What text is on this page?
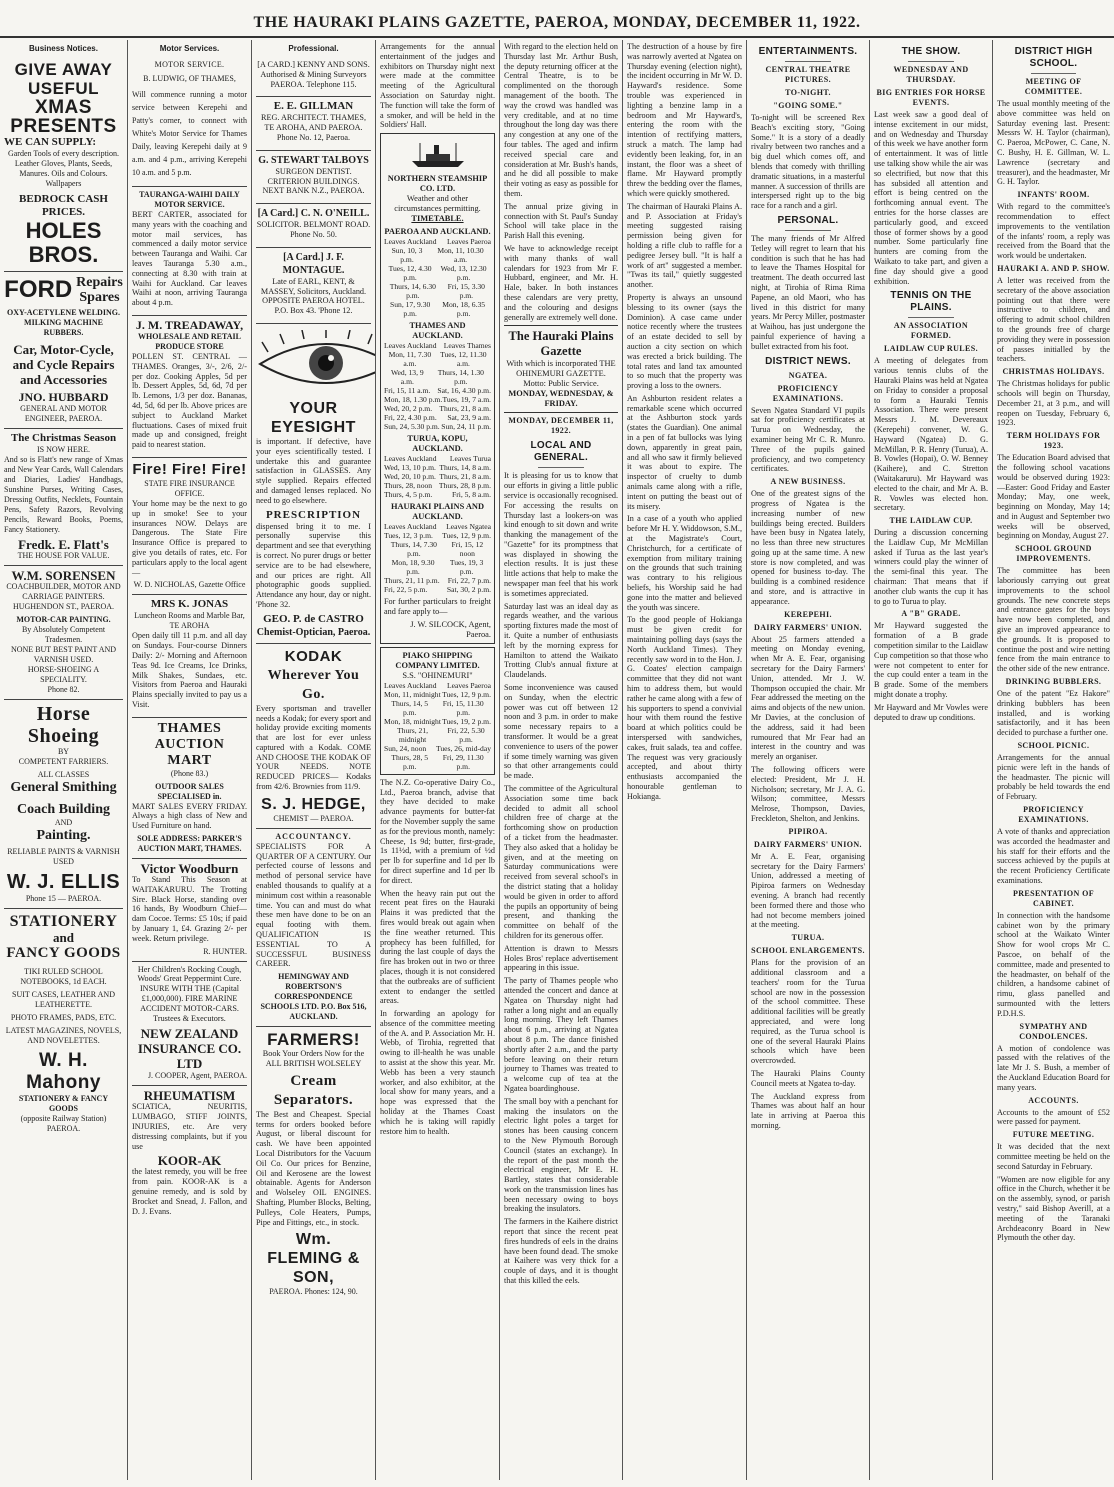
THE HAURAKI PLAINS GAZETTE, PAEROA, MONDAY, DECEMBER 11, 1922.
Business Notices.
GIVE AWAY
USEFUL
XMAS PRESENTS
WE CAN SUPPLY:
Garden Tools of every description. Leather Gloves, Plants, Seeds, Manures. Oils and Colours. Wallpapers
BEDROCK CASH PRICES.
HOLES BROS.
FORD Repairs
Spares
OXY-ACETYLENE WELDING. MILKING MACHINE RUBBERS.
Car, Motor-Cycle, and Cycle Repairs and Accessories
JNO. HUBBARD
GENERAL AND MOTOR ENGINEER, PAEROA.
The Christmas Season
IS NOW HERE.
And so is Flatt's new range of Xmas and New Year Cards, Wall Calendars and Diaries, Ladies' Handbags, Sunshine Purses, Writing Cases, Dressing Outfits, Necklets, Fountain Pens, Safety Razors, Revolving Pencils, Reward Books, Poems, Fancy Stationery.
Fredk. E. Flatt's
THE HOUSE FOR VALUE.
W.M. SORENSEN
COACHBUILDER, MOTOR AND CARRIAGE PAINTERS. HUGHENDON ST., PAEROA.
MOTOR-CAR PAINTING.
By Absolutely Competent Tradesmen.
NONE BUT BEST PAINT AND VARNISH USED.
HORSE-SHOEING A SPECIALITY.
Phone 82.
Horse Shoeing
BY
COMPETENT FARRIERS.
ALL CLASSES
General Smithing
Coach Building
AND
Painting.
RELIABLE PAINTS & VARNISH USED
W. J. ELLIS
Phone 15 — PAEROA.
STATIONERY
and
FANCY GOODS
TIKI RULED SCHOOL NOTEBOOKS, 1d EACH.
SUIT CASES, LEATHER AND LEATHERETTE.
PHOTO FRAMES, PADS, ETC.
LATEST MAGAZINES, NOVELS, AND NOVELETTES.
W. H. Mahony
STATIONERY & FANCY GOODS
(opposite Railway Station) PAEROA.
Motor Services.
MOTOR SERVICE.
B. LUDWIG, OF THAMES,
Will commence running a motor service between Kerepehi and Patty's corner, to connect with White's Motor Service for Thames Daily, leaving Kerepehi daily at 9 a.m. and 4 p.m., arriving Kerepehi 10 a.m. and 5 p.m.
TAURANGA-WAIHI DAILY MOTOR SERVICE.
BERT CARTER, associated for many years with the coaching and motor mail services, has commenced a daily motor service between Tauranga and Waihi. Car leaves Tauranga 5.30 a.m., connecting at 8.30 with train at Waihi for Auckland. Car leaves Waihi at noon, arriving Tauranga about 4 p.m.
J. M. TREADAWAY,
WHOLESALE AND RETAIL PRODUCE STORE
POLLEN ST. CENTRAL — THAMES. Oranges, 3/-, 2/6, 2/- per doz. Cooking Apples, 5d per lb. Dessert Apples, 5d, 6d, 7d per lb. Lemons, 1/3 per doz. Bananas, 4d, 5d, 6d per lb. Above prices are subject to Auckland Market fluctuations. Cases of mixed fruit made up and consigned, freight paid to nearest station.
Fire! Fire! Fire!
STATE FIRE INSURANCE OFFICE.
Your home may be the next to go up in smoke! See to your insurances NOW. Delays are Dangerous. The State Fire Insurance Office is prepared to give you details of rates, etc. For particulars apply to the local agent—
W. D. NICHOLAS, Gazette Office
MRS K. JONAS
Luncheon Rooms and Marble Bar, TE AROHA
Open daily till 11 p.m. and all day on Sundays. Four-course Dinners Daily: 2/- Morning and Afternoon Teas 9d. Ice Creams, Ice Drinks, Milk Shakes, Sundaes, etc. Visitors from Paeroa and Hauraki Plains specially invited to pay us a Visit.
THAMES AUCTION MART
(Phone 83.)
OUTDOOR SALES SPECIALISED in.
MART SALES EVERY FRIDAY. Always a high class of New and Used Furniture on hand.
SOLE ADDRESS: PARKER'S AUCTION MART, THAMES.
Victor Woodburn
To Stand This Season at WAITAKARURU. The Trotting Sire. Black Horse, standing over 16 hands, By Woodburn Chief—dam Cocoe. Terms: £5 10s; if paid by January 1, £4. Grazing 2/- per week. Return privilege.
R. HUNTER.
Her Children's Rocking Cough, Woods' Great Peppermint Cure. INSURE WITH THE (Capital £1,000,000). FIRE MARINE ACCIDENT MOTOR-CARS. Trustees & Executors.
NEW ZEALAND INSURANCE CO. LTD
J. COOPER, Agent, PAEROA.
RHEUMATISM
SCIATICA, NEURITIS, LUMBAGO, STIFF JOINTS, INJURIES, etc. Are very distressing complaints, but if you use
KOOR-AK
the latest remedy, you will be free from pain. KOOR-AK is a genuine remedy, and is sold by Brocket and Snead, J. Fallon, and D. J. Evans.
Professional.
[A CARD.] KENNY AND SONS. Authorised & Mining Surveyors PAEROA. Telephone 115.
E. E. GILLMAN
REG. ARCHITECT. THAMES, TE AROHA, AND PAEROA. Phone No. 12, Paeroa.
G. STEWART TALBOYS
SURGEON DENTIST. CRITERION BUILDINGS. NEXT BANK N.Z., PAEROA.
[A Card.] C. N. O'NEILL.
SOLICITOR. BELMONT ROAD. Phone No. 50.
[A Card.] J. F. MONTAGUE.
Late of EARL, KENT, & MASSEY, Solicitors, Auckland. OPPOSITE PAEROA HOTEL. P.O. Box 43. 'Phone 12.
YOUR EYESIGHT
is important. If defective, have your eyes scientifically tested. I undertake this and guarantee satisfaction in GLASSES. Any style supplied. Repairs effected and damaged lenses replaced. No need to go elsewhere.
PRESCRIPTION
dispensed bring it to me. I personally supervise this department and see that everything is correct. No purer drugs or better service are to be had elsewhere, and our prices are right. All photographic goods supplied. Attendance any hour, day or night. 'Phone 32.
GEO. P. de CASTRO
Chemist-Optician, Paeroa.
KODAK
Wherever You Go.
Every sportsman and traveller needs a Kodak; for every sport and holiday provide exciting moments that are lost for ever unless captured with a Kodak. COME AND CHOOSE THE KODAK OF YOUR NEEDS. NOTE REDUCED PRICES— Kodaks from 42/6. Brownies from 11/9.
S. J. HEDGE,
CHEMIST — PAEROA.
ACCOUNTANCY.
SPECIALISTS FOR A QUARTER OF A CENTURY. Our perfected course of lessons and method of personal service have enabled thousands to qualify at a minimum cost within a reasonable time. You can and must do what these men have done to be on an equal footing with them. QUALIFICATION IS ESSENTIAL TO A SUCCESSFUL BUSINESS CAREER.
HEMINGWAY AND ROBERTSON'S CORRESPONDENCE SCHOOLS LTD. P.O. Box 516, AUCKLAND.
FARMERS!
Book Your Orders Now for the ALL BRITISH WOLSELEY
Cream Separators.
The Best and Cheapest. Special terms for orders booked before August, or liberal discount for cash. We have been appointed Local Distributors for the Vacuum Oil Co. Our prices for Benzine, Oil and Kerosene are the lowest obtainable. Agents for Anderson and Wolseley OIL ENGINES. Shafting, Plumber Blocks, Belting, Pulleys, Cole Heaters, Pumps, Pipe and Fittings, etc., in stock.
Wm. FLEMING & SON,
PAEROA. Phones: 124, 90.

Arrangements for the annual entertainment of the judges and exhibitors on Thursday night next were made at the committee meeting of the Agricultural Association on Saturday night. The function will take the form of a smoker, and will be held in the Soldiers' Hall.

NORTHERN STEAMSHIP CO. LTD.
Weather and other circumstances permitting.
TIMETABLE.
PAEROA AND AUCKLAND.
Leaves Auckland Leaves Paeroa
Sun, 10, 3 p.m.
Mon, 11, 10.30 a.m.
Tues, 12, 4.30 p.m.
Wed, 13, 12.30 p.m.
Thurs, 14, 6.30 p.m.
Fri, 15, 3.30 p.m.
Sun, 17, 9.30 p.m.
Mon, 18, 6.35 p.m.
THAMES AND AUCKLAND.
Leaves Auckland Leaves Thames
Mon, 11, 7.30 a.m.
Tues, 12, 11.30 a.m.
Wed, 13, 9 a.m.
Thurs, 14, 1.30 p.m.
Fri, 15, 11 a.m. Sat, 16, 4.30 p.m.
Mon, 18, 1.30 p.m. Tues, 19, 7 a.m.
Wed, 20, 2 p.m. Thurs, 21, 8 a.m.
Fri, 22, 4.30 p.m. Sat, 23, 9 a.m.
Sun, 24, 5.30 p.m. Sun, 24, 11 p.m.
TURUA, KOPU, AUCKLAND.
Leaves Auckland Leaves Turua
Wed, 13, 10 p.m. Thurs, 14, 8 a.m.
Wed, 20, 10 p.m. Thurs, 21, 8 a.m.
Thurs, 28, noon Thurs, 28, 8 p.m.
Thurs, 4, 5 p.m.	Fri, 5, 8 a.m.
HAURAKI PLAINS AND AUCKLAND.
Leaves Auckland Leaves Ngatea
Tues, 12, 3 p.m. Tues, 12, 9 p.m.
Thurs, 14, 7.30 p.m.
Fri, 15, 12 noon
Mon, 18, 9.30 p.m.
Tues, 19, 3 p.m.
Thurs, 21, 11 p.m. Fri, 22, 7 p.m.
Fri, 22, 5 p.m.	Sat, 30, 2 p.m.
For further particulars to freight and fare apply to—
J. W. SILCOCK, Agent, Paeroa.
PIAKO SHIPPING COMPANY LIMITED.
S.S. "OHINEMURI"
Leaves Auckland Leaves Paeroa
Mon, 11, midnight Tues, 12, 9 p.m.
Thurs, 14, 5 p.m.
Fri, 15, 11.30 p.m.
Mon, 18, midnight Tues, 19, 2 p.m.
Thurs, 21, midnight
Fri, 22, 5.30 p.m.
Sun, 24, noon Tues, 26, mid-day
Thurs, 28, 5 p.m.
Fri, 29, 11.30 p.m.

The N.Z. Co-operative Dairy Co., Ltd., Paeroa branch, advise that they have decided to make advance payments for butter-fat for the November supply the same as for the previous month, namely: Cheese, 1s 9d; butter, first-grade, 1s 11½d, with a premium of ½d per lb for superfine and 1d per lb for direct superfine and 1d per lb for direct.

When the heavy rain put out the recent peat fires on the Hauraki Plains it was predicted that the fires would break out again when the fine weather returned. This prophecy has been fulfilled, for during the last couple of days the fire has broken out in two or three places, though it is not considered that the outbreaks are of sufficient extent to endanger the settled areas.

In forwarding an apology for absence of the committee meeting of the A. and P. Association Mr. H. Webb, of Tirohia, regretted that owing to ill-health he was unable to assist at the show this year. Mr. Webb has been a very staunch worker, and also exhibitor, at the local show for many years, and a hope was expressed that the holiday at the Thames Coast which he is taking will rapidly restore him to health.

With regard to the election held on Thursday last Mr. Arthur Bush, the deputy returning officer at the Central Theatre, is to be complimented on the thorough management of the booth. The way the crowd was handled was very creditable, and at no time throughout the long day was there any congestion at any one of the four tables. The aged and infirm received special care and consideration at Mr. Bush's hands, and he did all possible to make their voting as easy as possible for them.

The annual prize giving in connection with St. Paul's Sunday School will take place in the Parish Hall this evening.

We have to acknowledge receipt with many thanks of wall calendars for 1923 from Mr F. Hubbard, engineer, and Mr. H. Hale, baker. In both instances these calendars are very pretty, and the colouring and designs generally are extremely well done.

The Hauraki Plains Gazette
With which is incorporated THE OHINEMURI GAZETTE.
Motto: Public Service.
MONDAY, WEDNESDAY, & FRIDAY.
MONDAY, DECEMBER 11, 1922.
LOCAL AND GENERAL.

It is pleasing for us to know that our efforts in giving a little public service is occasionally recognised. For accessing the results on Thursday last a lookers-on was kind enough to sit down and write thanking the management of the "Gazette" for its promptness that was displayed in showing the election results. It is just these little actions that help to make the newspaper man feel that his work is sometimes appreciated.

Saturday last was an ideal day as regards weather, and the various sporting fixtures made the most of it. Quite a number of enthusiasts left by the morning express for Hamilton to attend the Waikato Trotting Club's annual fixture at Claudelands.

Some inconvenience was caused on Sunday, when the electric power was cut off between 12 noon and 3 p.m. in order to make some necessary repairs to a transformer. It would be a great convenience to users of the power if some timely warning was given so that other arrangements could be made.

The committee of the Agricultural Association some time back decided to admit all school children free of charge at the forthcoming show on production of a ticket from the headmaster. They also asked that a holiday be given, and at the meeting on Saturday communications were received from several school's in the district stating that a holiday would be given in order to afford the pupils an opportunity of being present, and thanking the committee on behalf of the children for its generous offer.

Attention is drawn to Messrs Holes Bros' replace advertisement appearing in this issue.

The party of Thames people who attended the concert and dance at Ngatea on Thursday night had rather a long night and an equally long morning. They left Thames about 6 p.m., arriving at Ngatea about 8 p.m. The dance finished shortly after 2 a.m., and the party before leaving on their return journey to Thames was treated to a welcome cup of tea at the Ngatea boardinghouse.

The small boy with a penchant for making the insulators on the electric light poles a target for stones has been causing concern to the New Plymouth Borough Council (states an exchange). In the report of the past month the electrical engineer, Mr E. H. Bartley, states that considerable work on the transmission lines has been necessary owing to boys breaking the insulators.

The farmers in the Kaihere district report that since the recent peat fires hundreds of eels in the drains have been found dead. The smoke at Kaihere was very thick for a couple of days, and it is thought that this killed the eels.

The destruction of a house by fire was narrowly averted at Ngatea on Thursday evening (election night), the incident occurring in Mr W. D. Hayward's residence. Some trouble was experienced in lighting a benzine lamp in a bedroom and Mr Hayward's, entering the room with the intention of rectifying matters, struck a match. The lamp had evidently been leaking, for, in an instant, the floor was a sheet of flame. Mr Hayward promptly threw the bedding over the flames, which were quickly smothered.

The chairman of Hauraki Plains A. and P. Association at Friday's meeting suggested raising permission being given for holding a rifle club to raffle for a pedigree Jersey bull. "It is half a work of art" suggested a member. "Twas its tail," quietly suggested another.

Property is always an unsound blessing to its owner (says the Dominion). A case came under notice recently where the trustees of an estate decided to sell by auction a city section on which was erected a brick building. The total rates and land tax amounted to so much that the property was proving a loss to the owners.

An Ashburton resident relates a remarkable scene which occurred at the Ashburton stock yards (states the Guardian). One animal in a pen of fat bullocks was lying down, apparently in great pain, and all who saw it firmly believed it was about to expire. The inspector of cruelty to dumb animals came along with a rifle, intent on putting the beast out of its misery.

In a case of a youth who applied before Mr H. Y. Widdowson, S.M., at the Magistrate's Court, Christchurch, for a certificate of exemption from military training on the grounds that such training was contrary to his religious beliefs, his Worship said he had gone into the matter and believed the youth was sincere.

To the good people of Hokianga must be given credit for maintaining polling days (says the North Auckland Times). They recently saw word in to the Hon. J. G. Coates' election campaign committee that they did not want him to address them, but would rather he came along with a few of his supporters to spend a convivial hour with them round the festive board at which politics could be interspersed with sandwiches, cakes, fruit salads, tea and coffee. The request was very graciously accepted, and about thirty enthusiasts accompanied the honourable gentleman to Hokianga.

ENTERTAINMENTS.
CENTRAL THEATRE PICTURES.
TO-NIGHT.
"GOING SOME."

To-night will be screened Rex Beach's exciting story, "Going Some." It is a story of a deadly rivalry between two ranches and a big duel which comes off, and blends that comedy with thrilling dramatic situations, in a masterful manner. A succession of thrills are interspersed right up to the big race for a ranch and a girl.

PERSONAL.

The many friends of Mr Alfred Tetley will regret to learn that his condition is such that he has had to leave the Thames Hospital for treatment. The death occurred last night, at Tirohia of Rima Rima Papene, an old Maori, who has lived in this district for many years. Mr Percy Miller, postmaster at Waihou, has just undergone the painful experience of having a bullet extracted from his foot.

DISTRICT NEWS.
NGATEA.
PROFICIENCY EXAMINATIONS.

Seven Ngatea Standard VI pupils sat for proficiency certificates at Turua on Wednesday, the examiner being Mr C. R. Munro. Three of the pupils gained proficiency, and two competency certificates.

A NEW BUSINESS.

One of the greatest signs of the progress of Ngatea is the increasing number of new buildings being erected. Builders have been busy in Ngatea lately, no less than three new structures going up at the same time. A new store is now completed, and was opened for business to-day. The building is a combined residence and store, and is attractive in appearance.

KEREPEHI.
DAIRY FARMERS' UNION.

About 25 farmers attended a meeting on Monday evening, when Mr A. E. Fear, organising secretary for the Dairy Farmers' Union, attended. Mr J. W. Thompson occupied the chair. Mr Fear addressed the meeting on the aims and objects of the new union. Mr Davies, at the conclusion of the address, said it had been rumoured that Mr Fear had an interest in the country and was merely an organiser.

The following officers were elected: President, Mr J. H. Nicholson; secretary, Mr J. A. G. Wilson; committee, Messrs Melrose, Thompson, Davies, Freckleton, Shelton, and Jenkins.

PIPIROA.
DAIRY FARMERS' UNION.

Mr A. E. Fear, organising secretary for the Dairy Farmers' Union, addressed a meeting of Pipiroa farmers on Wednesday evening. A branch had recently been formed there and those who had not become members joined at the meeting.

TURUA.
SCHOOL ENLARGEMENTS.

Plans for the provision of an additional classroom and a teachers' room for the Turua school are now in the possession of the school committee. These additional facilities will be greatly appreciated, and were long required, as the Turua school is one of the several Hauraki Plains schools which have been overcrowded.

The Hauraki Plains County Council meets at Ngatea to-day.

The Auckland express from Thames was about half an hour late in arriving at Paeroa this morning.

THE SHOW.
WEDNESDAY AND THURSDAY.
BIG ENTRIES FOR HORSE EVENTS.

Last week saw a good deal of intense excitement in our midst, and on Wednesday and Thursday of this week we have another form of entertainment. It was of little use talking show while the air was so electrified, but now that this has subsided all attention and effort is being centred on the forthcoming annual event. The entries for the horse classes are particularly good, and exceed those of former shows by a good number. Some particularly fine hunters are coming from the Waikato to take part, and given a fine day should give a good exhibition.

TENNIS ON THE PLAINS.
AN ASSOCIATION FORMED.
LAIDLAW CUP RULES.

A meeting of delegates from various tennis clubs of the Hauraki Plains was held at Ngatea on Friday to consider a proposal to form a Hauraki Tennis Association. There were present Messrs J. M. Devereaux (Kerepehi) convener, W. G. Hayward (Ngatea) D. G. McMillan, P. R. Henry (Turua), A. B. Vowles (Hopai), O. W. Benney (Kaihere), and C. Stretton (Waitakaruru). Mr Hayward was elected to the chair, and Mr A. B. R. Vowles was elected hon. secretary.

THE LAIDLAW CUP.

During a discussion concerning the Laidlaw Cup, Mr McMillan asked if Turua as the last year's winners could play the winner of the semi-final this year. The chairman: That means that if another club wants the cup it has to go to Turua to play.

A "B" GRADE.

Mr Hayward suggested the formation of a B grade competition similar to the Laidlaw Cup competition so that those who were not competent to enter for the cup could enter a team in the B grade. Some of the members might donate a trophy.

Mr Hayward and Mr Vowles were deputed to draw up conditions.

DISTRICT HIGH SCHOOL.
MEETING OF COMMITTEE.

The usual monthly meeting of the above committee was held on Saturday evening last. Present: Messrs W. H. Taylor (chairman), C. Paeroa, McPower, C. Cane, N. C. Bushy, H. E. Gillman, W. L. Lawrence (secretary and treasurer), and the headmaster, Mr G. H. Taylor.

INFANTS' ROOM.

With regard to the committee's recommendation to effect improvements to the ventilation of the infants' room, a reply was received from the Board that the work would be undertaken.

HAURAKI A. AND P. SHOW.

A letter was received from the secretary of the above association pointing out that there were instructive to children, and offering to admit school children to the grounds free of charge providing they were in possession of passes initialled by the teachers.

CHRISTMAS HOLIDAYS.

The Christmas holidays for public schools will begin on Thursday, December 21, at 3 p.m., and will reopen on Tuesday, February 6, 1923.

TERM HOLIDAYS FOR 1923.

The Education Board advised that the following school vacations would be observed during 1923:—Easter: Good Friday and Easter Monday; May, one week, beginning on Monday, May 14; and in August and September two weeks will be observed, beginning on Monday, August 27.

SCHOOL GROUND IMPROVEMENTS.

The committee has been laboriously carrying out great improvements to the school grounds. The new concrete steps and entrance gates for the boys have now been completed, and give an improved appearance to the grounds. It is proposed to continue the post and wire netting fence from the main entrance to the other side of the new entrance.

DRINKING BUBBLERS.

One of the patent "Ez Hakore" drinking bubblers has been installed, and is working satisfactorily, and it has been decided to purchase a further one.

SCHOOL PICNIC.

Arrangements for the annual picnic were left in the hands of the headmaster. The picnic will probably be held towards the end of February.

PROFICIENCY EXAMINATIONS.

A vote of thanks and appreciation was accorded the headmaster and his staff for their efforts and the success achieved by the pupils at the recent Proficiency Certificate examinations.

PRESENTATION OF CABINET.

In connection with the handsome cabinet won by the primary school at the Waikato Winter Show for wool crops Mr C. Pascoe, on behalf of the committee, made and presented to the headmaster, on behalf of the children, a handsome cabinet of rimu, glass panelled and surmounted with the letters P.D.H.S.

SYMPATHY AND CONDOLENCES.

A motion of condolence was passed with the relatives of the late Mr J. S. Bush, a member of the Auckland Education Board for many years.

ACCOUNTS.

Accounts to the amount of £52 were passed for payment.

FUTURE MEETING.

It was decided that the next committee meeting be held on the second Saturday in February.

"Women are now eligible for any office in the Church, whether it be on the assembly, synod, or parish vestry," said Bishop Averill, at a meeting of the Taranaki Archdeaconry Board in New Plymouth the other day.
